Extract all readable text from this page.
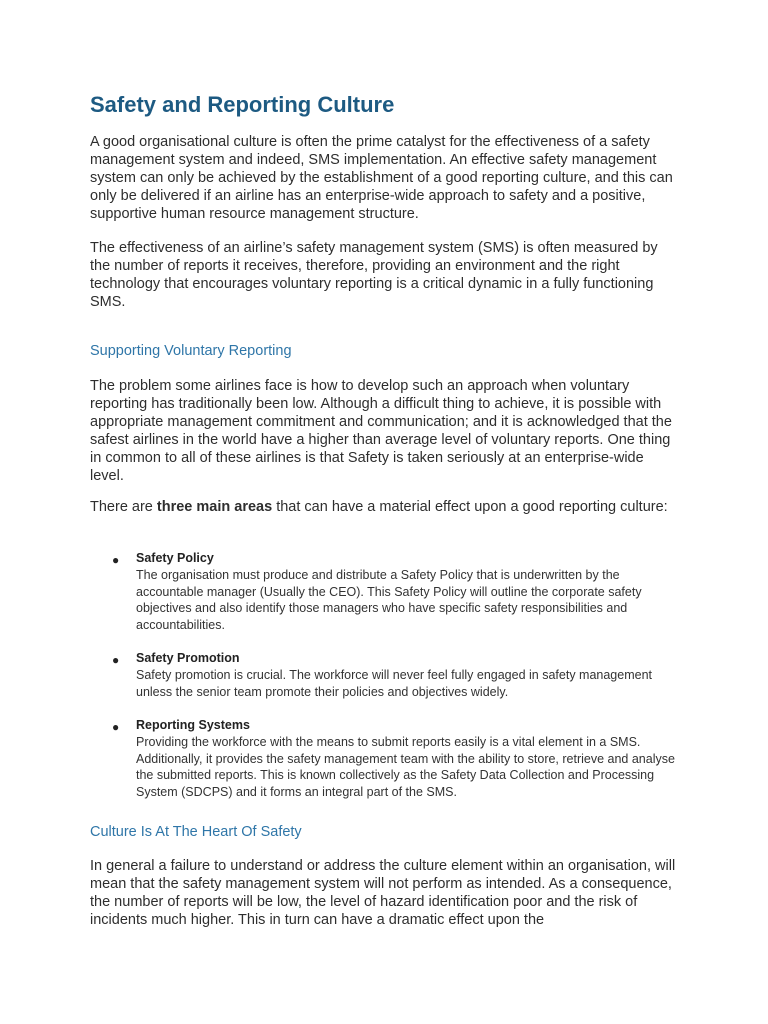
Safety and Reporting Culture

A good organisational culture is often the prime catalyst for the effectiveness of a safety management system and indeed, SMS implementation. An effective safety management system can only be achieved by the establishment of a good reporting culture, and this can only be delivered if an airline has an enterprise-wide approach to safety and a positive, supportive human resource management structure.

The effectiveness of an airline’s safety management system (SMS) is often measured by the number of reports it receives, therefore, providing an environment and the right technology that encourages voluntary reporting is a critical dynamic in a fully functioning SMS.

Supporting Voluntary Reporting

The problem some airlines face is how to develop such an approach when voluntary reporting has traditionally been low. Although a difficult thing to achieve, it is possible with appropriate management commitment and communication; and it is acknowledged that the safest airlines in the world have a higher than average level of voluntary reports. One thing in common to all of these airlines is that Safety is taken seriously at an enterprise-wide level.

There are three main areas that can have a material effect upon a good reporting culture:

● Safety Policy

The organisation must produce and distribute a Safety Policy that is underwritten by the accountable manager (Usually the CEO). This Safety Policy will outline the corporate safety objectives and also identify those managers who have specific safety responsibilities and accountabilities.

● Safety Promotion

Safety promotion is crucial. The workforce will never feel fully engaged in safety management unless the senior team promote their policies and objectives widely.

● Reporting Systems

Providing the workforce with the means to submit reports easily is a vital element in a SMS. Additionally, it provides the safety management team with the ability to store, retrieve and analyse the submitted reports. This is known collectively as the Safety Data Collection and Processing System (SDCPS) and it forms an integral part of the SMS.

Culture Is At The Heart Of Safety

In general a failure to understand or address the culture element within an organisation, will mean that the safety management system will not perform as intended. As a consequence, the number of reports will be low, the level of hazard identification poor and the risk of incidents much higher. This in turn can have a dramatic effect upon the
